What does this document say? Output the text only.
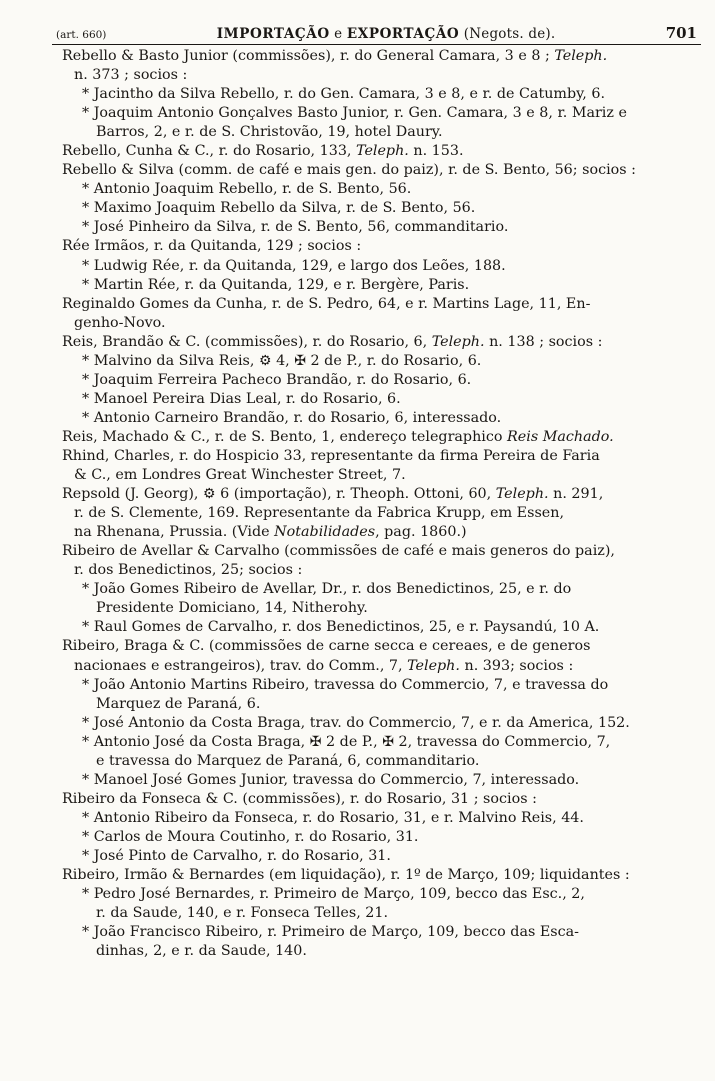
(art. 660)	IMPORTAÇÃO e EXPORTAÇÃO (Negots. de).	701
Rebello & Basto Junior (commissões), r. do General Camara, 3 e 8 ; Teleph.
n. 373 ; socios :
* Jacintho da Silva Rebello, r. do Gen. Camara, 3 e 8, e r. de Catumby, 6.
* Joaquim Antonio Gonçalves Basto Junior, r. Gen. Camara, 3 e 8, r. Mariz e
Barros, 2, e r. de S. Christovão, 19, hotel Daury.
Rebello, Cunha & C., r. do Rosario, 133, Teleph. n. 153.
Rebello & Silva (comm. de café e mais gen. do paiz), r. de S. Bento, 56; socios :
* Antonio Joaquim Rebello, r. de S. Bento, 56.
* Maximo Joaquim Rebello da Silva, r. de S. Bento, 56.
* José Pinheiro da Silva, r. de S. Bento, 56, commanditario.
Rée Irmãos, r. da Quitanda, 129 ; socios :
* Ludwig Rée, r. da Quitanda, 129, e largo dos Leões, 188.
* Martin Rée, r. da Quitanda, 129, e r. Bergère, Paris.
Reginaldo Gomes da Cunha, r. de S. Pedro, 64, e r. Martins Lage, 11, En-
genho-Novo.
Reis, Brandão & C. (commissões), r. do Rosario, 6, Teleph. n. 138 ; socios :
* Malvino da Silva Reis, ⚙ 4, ✠ 2 de P., r. do Rosario, 6.
* Joaquim Ferreira Pacheco Brandão, r. do Rosario, 6.
* Manoel Pereira Dias Leal, r. do Rosario, 6.
* Antonio Carneiro Brandão, r. do Rosario, 6, interessado.
Reis, Machado & C., r. de S. Bento, 1, endereço telegraphico Reis Machado.
Rhind, Charles, r. do Hospicio 33, representante da firma Pereira de Faria
& C., em Londres Great Winchester Street, 7.
Repsold (J. Georg), ⚙ 6 (importação), r. Theoph. Ottoni, 60, Teleph. n. 291,
r. de S. Clemente, 169. Representante da Fabrica Krupp, em Essen,
na Rhenana, Prussia. (Vide Notabilidades , pag. 1860.)
Ribeiro de Avellar & Carvalho (commissões de café e mais generos do paiz),
r. dos Benedictinos, 25; socios :
* João Gomes Ribeiro de Avellar, Dr., r. dos Benedictinos, 25, e r. do
Presidente Domiciano, 14, Nitherohy.
* Raul Gomes de Carvalho, r. dos Benedictinos, 25, e r. Paysandú, 10 A.
Ribeiro, Braga & C. (commissões de carne secca e cereaes, e de generos
nacionaes e estrangeiros), trav. do Comm., 7, Teleph. n. 393; socios :
* João Antonio Martins Ribeiro, travessa do Commercio, 7, e travessa do
Marquez de Paraná, 6.
* José Antonio da Costa Braga, trav. do Commercio, 7, e r. da America, 152.
* Antonio José da Costa Braga, ✠ 2 de P., ✠ 2, travessa do Commercio, 7,
e travessa do Marquez de Paraná, 6, commanditario.
* Manoel José Gomes Junior, travessa do Commercio, 7, interessado.
Ribeiro da Fonseca & C. (commissões), r. do Rosario, 31 ; socios :
* Antonio Ribeiro da Fonseca, r. do Rosario, 31, e r. Malvino Reis, 44.
* Carlos de Moura Coutinho, r. do Rosario, 31.
* José Pinto de Carvalho, r. do Rosario, 31.
Ribeiro, Irmão & Bernardes (em liquidação), r. 1º de Março, 109; liquidantes :
* Pedro José Bernardes, r. Primeiro de Março, 109, becco das Esc., 2,
r. da Saude, 140, e r. Fonseca Telles, 21.
* João Francisco Ribeiro, r. Primeiro de Março, 109, becco das Esca-
dinhas, 2, e r. da Saude, 140.
